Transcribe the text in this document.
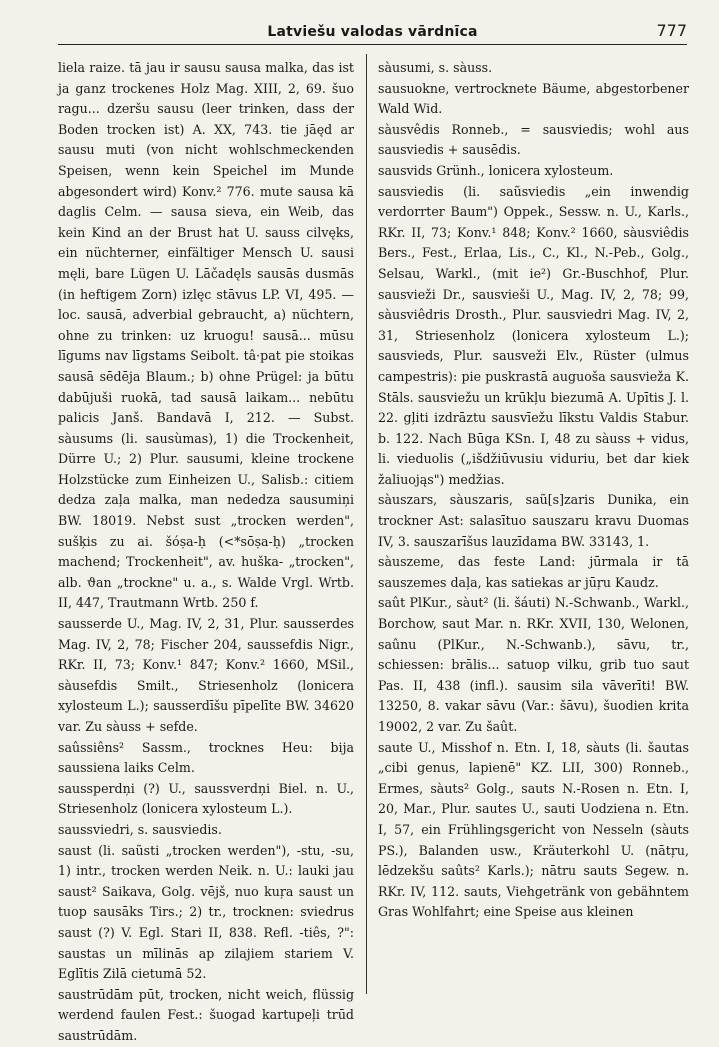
Latviešu valodas vārdnīca	777

liela raize. tā jau ir sausu sausa malka, das ist ja ganz trockenes Holz Mag. XIII, 2, 69. šuo ragu... dzeršu sausu (leer trinken, dass der Boden trocken ist) A. XX, 743. tie jāęd ar sausu muti (von nicht wohlschmeckenden Speisen, wenn kein Speichel im Munde abgesondert wird) Konv.² 776. mute sausa kā daglis Celm. — sausa sieva, ein Weib, das kein Kind an der Brust hat U. sauss cilvęks, ein nüchterner, einfältiger Mensch U. sausi męli, bare Lügen U. Lāčadęls sausās dusmās (in heftigem Zorn) izlęc stāvus LP. VI, 495. — loc. sausā, adverbial gebraucht, a) nüchtern, ohne zu trinken: uz kruogu! sausā... mūsu līgums nav līgstams Seibolt. tâ·pat pie stoikas sausā sēdēja Blaum.; b) ohne Prügel: ja būtu dabūjuši ruokā, tad sausā laikam... nebūtu palicis Janš. Bandavā I, 212. — Subst. sàusums (li. sausùmas), 1) die Trockenheit, Dürre U.; 2) Plur. sausumi, kleine trockene Holzstücke zum Einheizen U., Salisb.: citiem dedza zaļa malka, man nededza sausumiņi BW. 18019. Nebst sust „trocken werden", sušķis zu ai. šóṣa-ḥ (<*sōṣa-ḥ) „trocken machend; Trockenheit", av. huška- „trocken", alb. ϑan „trockne" u. a., s. Walde Vrgl. Wrtb. II, 447, Trautmann Wrtb. 250 f.

sausserde U., Mag. IV, 2, 31, Plur. sausserdes Mag. IV, 2, 78; Fischer 204, saussefdis Nigr., RKr. II, 73; Konv.¹ 847; Konv.² 1660, MSil., sàusefdis Smilt., Striesenholz (lonicera xylosteum L.); sausserdīšu pīpelīte BW. 34620 var. Zu sàuss + sefde.

saûssiêns² Sassm., trocknes Heu: bija saussiena laiks Celm.

saussperdņi (?) U., saussverdņi Biel. n. U., Striesenholz (lonicera xylosteum L.).

saussviedri, s. sausviedis.

saust (li. saũsti „trocken werden"), -stu, -su, 1) intr., trocken werden Neik. n. U.: lauki jau saust² Saikava, Golg. vējš, nuo kuŗa saust un tuop sausāks Tirs.; 2) tr., trocknen: sviedrus saust (?) V. Egl. Stari II, 838. Refl. -tiês, ?": saustas un mīlinās ap zilajiem stariem V. Eglītis Zilā cietumā 52.

saustrūdām pūt, trocken, nicht weich, flüssig werdend faulen Fest.: šuogad kartupeļi trūd saustrūdām.

sàusumi, s. sàuss.

sausuokne, vertrocknete Bäume, abgestorbener Wald Wid.

sàusvêdis Ronneb., = sausviedis; wohl aus sausviedis + sausēdis.

sausvids Grünh., lonicera xylosteum.

sausviedis (li. saũsviedis „ein inwendig verdorrter Baum") Oppek., Sessw. n. U., Karls., RKr. II, 73; Konv.¹ 848; Konv.² 1660, sàusviêdis Bers., Fest., Erlaa, Lis., C., Kl., N.-Peb., Golg., Selsau, Warkl., (mit ie²) Gr.-Buschhof, Plur. sausvieži Dr., sausvieši U., Mag. IV, 2, 78; 99, sàusviêdris Drosth., Plur. sausviedri Mag. IV, 2, 31, Striesenholz (lonicera xylosteum L.); sausvieds, Plur. sausveži Elv., Rüster (ulmus campestris): pie puskrastā auguoša sausvieža K. Stāls. sausviežu un krūkļu biezumā A. Upītis J. l. 22. gļiti izdrāztu sausvīežu līkstu Valdis Stabur. b. 122. Nach Būga KSn. I, 48 zu sàuss + vidus, li. vieduolis („išdžiūvusiu viduriu, bet dar kiek žaliuojąs") medžias.

sàuszars, sàuszaris, saũ[s]zaris Dunika, ein trockner Ast: salasītuo sauszaru kravu Duomas IV, 3. sauszarīšus lauzīdama BW. 33143, 1.

sàuszeme, das feste Land: jūrmala ir tā sauszemes daļa, kas satiekas ar jūŗu Kaudz.

saût PlKur., sàut² (li. šáuti) N.-Schwanb., Warkl., Borchow, saut Mar. n. RKr. XVII, 130, Welonen, saûnu (PlKur., N.-Schwanb.), sāvu, tr., schiessen: brālis... satuop vilku, grib tuo saut Pas. II, 438 (infl.). sausim sila vāverīti! BW. 13250, 8. vakar sāvu (Var.: šāvu), šuodien krita 19002, 2 var. Zu šaût.

saute U., Misshof n. Etn. I, 18, sàuts (li. šautas „cibi genus, lapienē" KZ. LII, 300) Ronneb., Ermes, sàuts² Golg., sauts N.-Rosen n. Etn. I, 20, Mar., Plur. sautes U., sauti Uodziena n. Etn. I, 57, ein Frühlingsgericht von Nesseln (sàuts PS.), Balanden usw., Kräuterkohl U. (nātŗu, lēdzekšu saûts² Karls.); nātru sauts Segew. n. RKr. IV, 112. sauts, Viehgetränk von gebähntem Gras Wohlfahrt; eine Speise aus kleinen
